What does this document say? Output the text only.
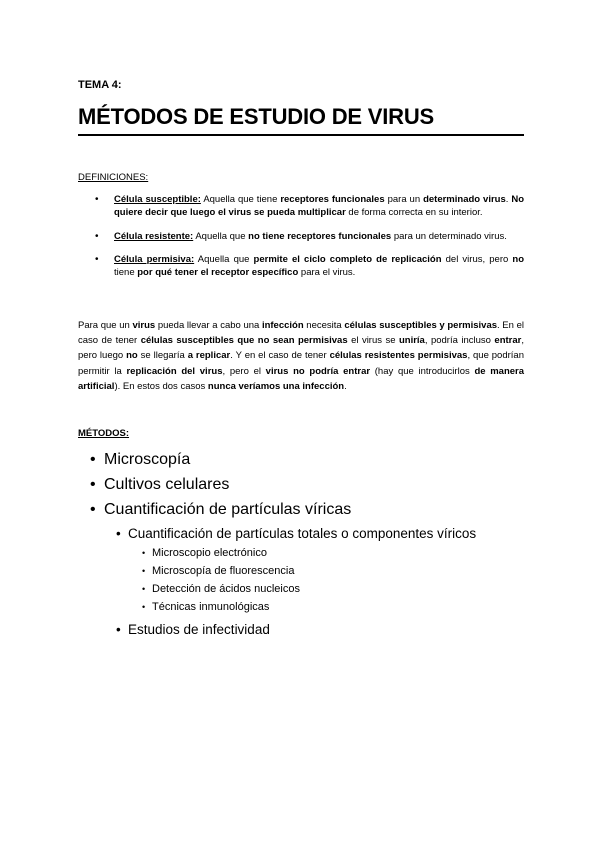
TEMA 4:
MÉTODOS DE ESTUDIO DE VIRUS
DEFINICIONES:
• Célula susceptible: Aquella que tiene receptores funcionales para un determinado virus. No quiere decir que luego el virus se pueda multiplicar de forma correcta en su interior.
• Célula resistente: Aquella que no tiene receptores funcionales para un determinado virus.
• Célula permisiva: Aquella que permite el ciclo completo de replicación del virus, pero no tiene por qué tener el receptor específico para el virus.

Para que un virus pueda llevar a cabo una infección necesita células susceptibles y permisivas. En el caso de tener células susceptibles que no sean permisivas el virus se uniría, podría incluso entrar, pero luego no se llegaría a replicar. Y en el caso de tener células resistentes permisivas, que podrían permitir la replicación del virus, pero el virus no podría entrar (hay que introducirlos de manera artificial). En estos dos casos nunca veríamos una infección.

MÉTODOS:
• Microscopía
• Cultivos celulares
• Cuantificación de partículas víricas
• Cuantificación de partículas totales o componentes víricos
• Microscopio electrónico
• Microscopía de fluorescencia
• Detección de ácidos nucleicos
• Técnicas inmunológicas
• Estudios de infectividad
